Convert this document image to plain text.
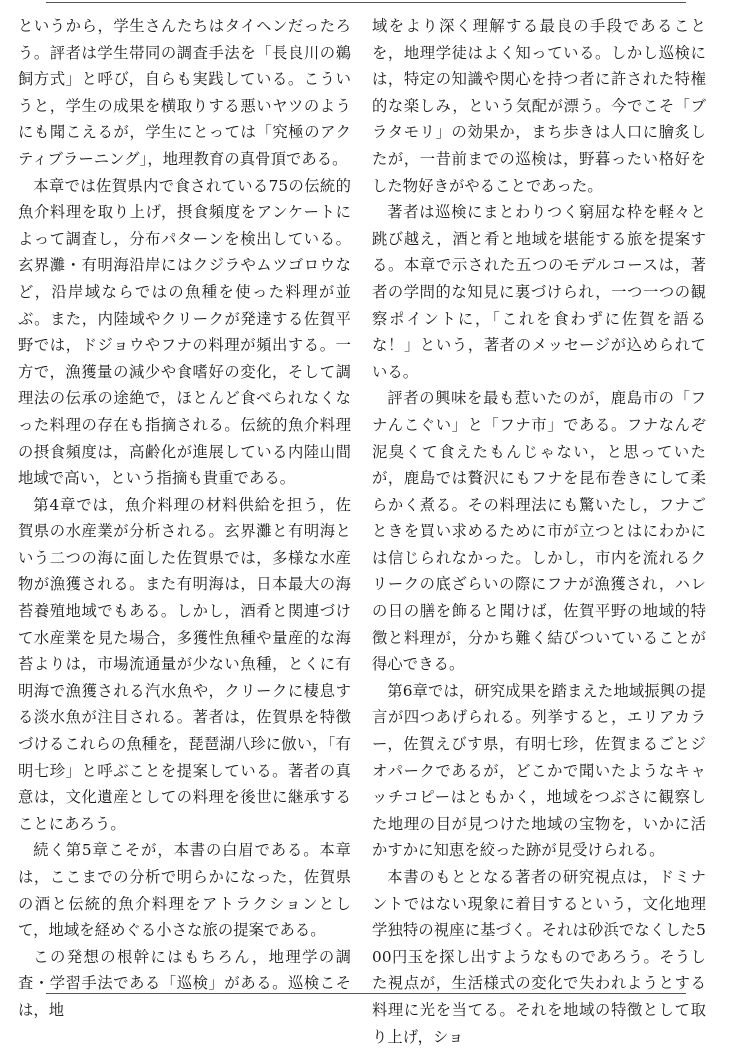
というから，学生さんたちはタイヘンだったろう。評者は学生帯同の調査手法を「長良川の鵜飼方式」と呼び，自らも実践している。こういうと，学生の成果を横取りする悪いヤツのようにも聞こえるが，学生にとっては「究極のアクティブラーニング」，地理教育の真骨頂である。

本章では佐賀県内で食されている75の伝統的魚介料理を取り上げ，摂食頻度をアンケートによって調査し，分布パターンを検出している。玄界灘・有明海沿岸にはクジラやムツゴロウなど，沿岸域ならではの魚種を使った料理が並ぶ。また，内陸域やクリークが発達する佐賀平野では，ドジョウやフナの料理が頻出する。一方で，漁獲量の減少や食嗜好の変化，そして調理法の伝承の途絶で，ほとんど食べられなくなった料理の存在も指摘される。伝統的魚介料理の摂食頻度は，高齢化が進展している内陸山間地域で高い，という指摘も貴重である。

第4章では，魚介料理の材料供給を担う，佐賀県の水産業が分析される。玄界灘と有明海という二つの海に面した佐賀県では，多様な水産物が漁獲される。また有明海は，日本最大の海苔養殖地域でもある。しかし，酒肴と関連づけて水産業を見た場合，多獲性魚種や量産的な海苔よりは，市場流通量が少ない魚種，とくに有明海で漁獲される汽水魚や，クリークに棲息する淡水魚が注目される。著者は，佐賀県を特徴づけるこれらの魚種を，琵琶湖八珍に倣い，「有明七珍」と呼ぶことを提案している。著者の真意は，文化遺産としての料理を後世に継承することにあろう。

続く第5章こそが，本書の白眉である。本章は，ここまでの分析で明らかになった，佐賀県の酒と伝統的魚介料理をアトラクションとして，地域を経めぐる小さな旅の提案である。

この発想の根幹にはもちろん，地理学の調査・学習手法である「巡検」がある。巡検こそは，地

域をより深く理解する最良の手段であることを，地理学徒はよく知っている。しかし巡検には，特定の知識や関心を持つ者に許された特権的な楽しみ，という気配が漂う。今でこそ「ブラタモリ」の効果か，まち歩きは人口に膾炙したが，一昔前までの巡検は，野暮ったい格好をした物好きがやることであった。

著者は巡検にまとわりつく窮屈な枠を軽々と跳び越え，酒と肴と地域を堪能する旅を提案する。本章で示された五つのモデルコースは，著者の学問的な知見に裏づけられ，一つ一つの観察ポイントに，「これを食わずに佐賀を語るな！」という，著者のメッセージが込められている。

評者の興味を最も惹いたのが，鹿島市の「フナんこぐい」と「フナ市」である。フナなんぞ泥臭くて食えたもんじゃない，と思っていたが，鹿島では贅沢にもフナを昆布巻きにして柔らかく煮る。その料理法にも驚いたし，フナごときを買い求めるために市が立つとはにわかには信じられなかった。しかし，市内を流れるクリークの底ざらいの際にフナが漁獲され，ハレの日の膳を飾ると聞けば，佐賀平野の地域的特徴と料理が，分かち難く結びついていることが得心できる。

第6章では，研究成果を踏まえた地域振興の提言が四つあげられる。列挙すると，エリアカラー，佐賀えびす県，有明七珍，佐賀まるごとジオパークであるが，どこかで聞いたようなキャッチコピーはともかく，地域をつぶさに観察した地理の目が見つけた地域の宝物を，いかに活かすかに知恵を絞った跡が見受けられる。

本書のもととなる著者の研究視点は，ドミナントではない現象に着目するという，文化地理学独特の視座に基づく。それは砂浜でなくした500円玉を探し出すようなものであろう。そうした視点が，生活様式の変化で失われようとする料理に光を当てる。それを地域の特徴として取り上げ，ショ
